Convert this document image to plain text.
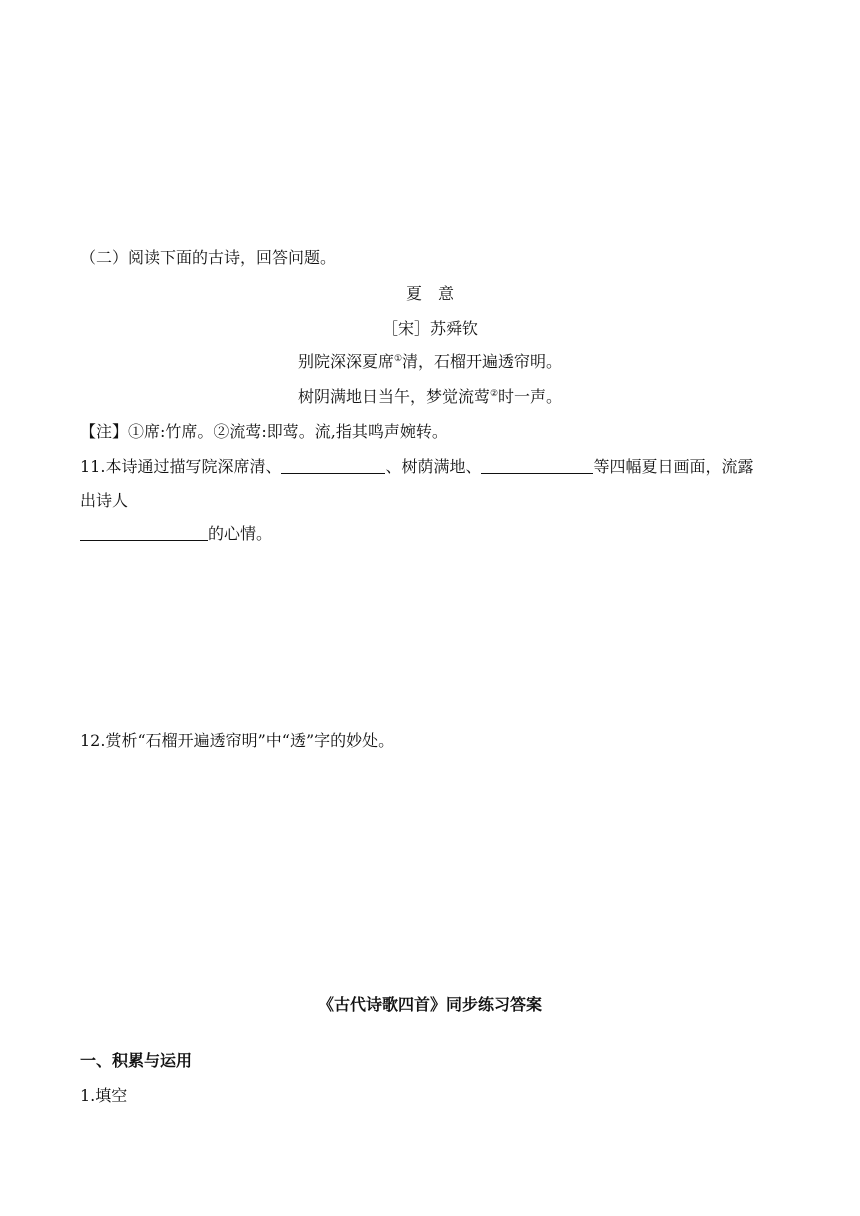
（二）阅读下面的古诗，回答问题。
夏　意
［宋］苏舜钦
别院深深夏席①清，石榴开遍透帘明。
树阴满地日当午，梦觉流莺②时一声。
【注】①席:竹席。②流莺:即莺。流,指其鸣声婉转。
11.本诗通过描写院深席清、	、树荫满地、	等四幅夏日画面，流露
出诗人
的心情。
12.赏析“石榴开遍透帘明”中“透”字的妙处。
《古代诗歌四首》同步练习答案
一、积累与运用
1.填空
